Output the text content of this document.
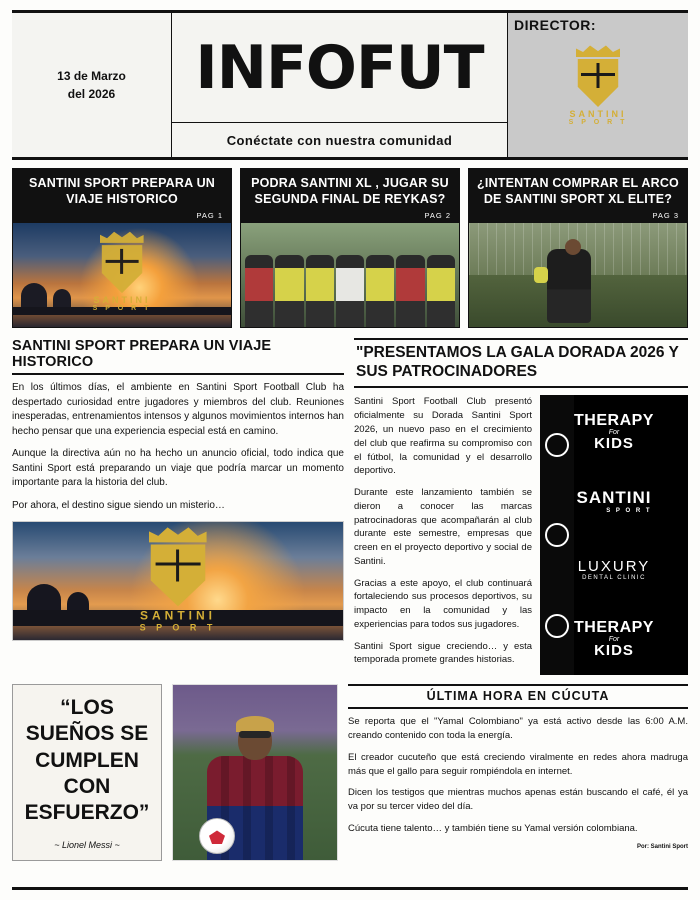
13 de Marzo
del 2026	INFOFUT
Conéctate con nuestra comunidad
DIRECTOR:
SANTINI
S P O R T
SANTINI SPORT PREPARA UN VIAJE HISTORICO
PAG 1
SANTINI
S P O R T
PODRA SANTINI XL , JUGAR SU SEGUNDA FINAL DE REYKAS?
PAG 2
¿INTENTAN COMPRAR EL ARCO DE SANTINI SPORT XL ELITE?
PAG 3
SANTINI SPORT PREPARA UN VIAJE HISTORICO
En los últimos días, el ambiente en Santini Sport Football Club ha despertado curiosidad entre jugadores y miembros del club. Reuniones inesperadas, entrenamientos intensos y algunos movimientos internos han hecho pensar que una experiencia especial está en camino.
Aunque la directiva aún no ha hecho un anuncio oficial, todo indica que Santini Sport está preparando un viaje que podría marcar un momento importante para la historia del club.
Por ahora, el destino sigue siendo un misterio…
SANTINI
S P O R T
"PRESENTAMOS LA GALA DORADA 2026 Y SUS PATROCINADORES
Santini Sport Football Club presentó oficialmente su Dorada Santini Sport 2026, un nuevo paso en el crecimiento del club que reafirma su compromiso con el fútbol, la comunidad y el desarrollo deportivo.
Durante este lanzamiento también se dieron a conocer las marcas patrocinadoras que acompañarán al club durante este semestre, empresas que creen en el proyecto deportivo y social de Santini.
Gracias a este apoyo, el club continuará fortaleciendo sus procesos deportivos, su impacto en la comunidad y las experiencias para todos sus jugadores.
Santini Sport sigue creciendo… y esta temporada promete grandes historias.
THERAPY
For
KIDS
SANTINI
S P O R T
LUXURY
DENTAL CLINIC
THERAPY
For
KIDS
“LOS SUEÑOS SE CUMPLEN CON ESFUERZO”
~ Lionel Messi ~
ÚLTIMA HORA EN CÚCUTA
Se reporta que el "Yamal Colombiano" ya está activo desde las 6:00 A.M. creando contenido con toda la energía.
El creador cucuteño que está creciendo viralmente en redes ahora madruga más que el gallo para seguir rompiéndola en internet.
Dicen los testigos que mientras muchos apenas están buscando el café, él ya va por su tercer video del día.
Cúcuta tiene talento… y también tiene su Yamal versión colombiana.
Por: Santini Sport
